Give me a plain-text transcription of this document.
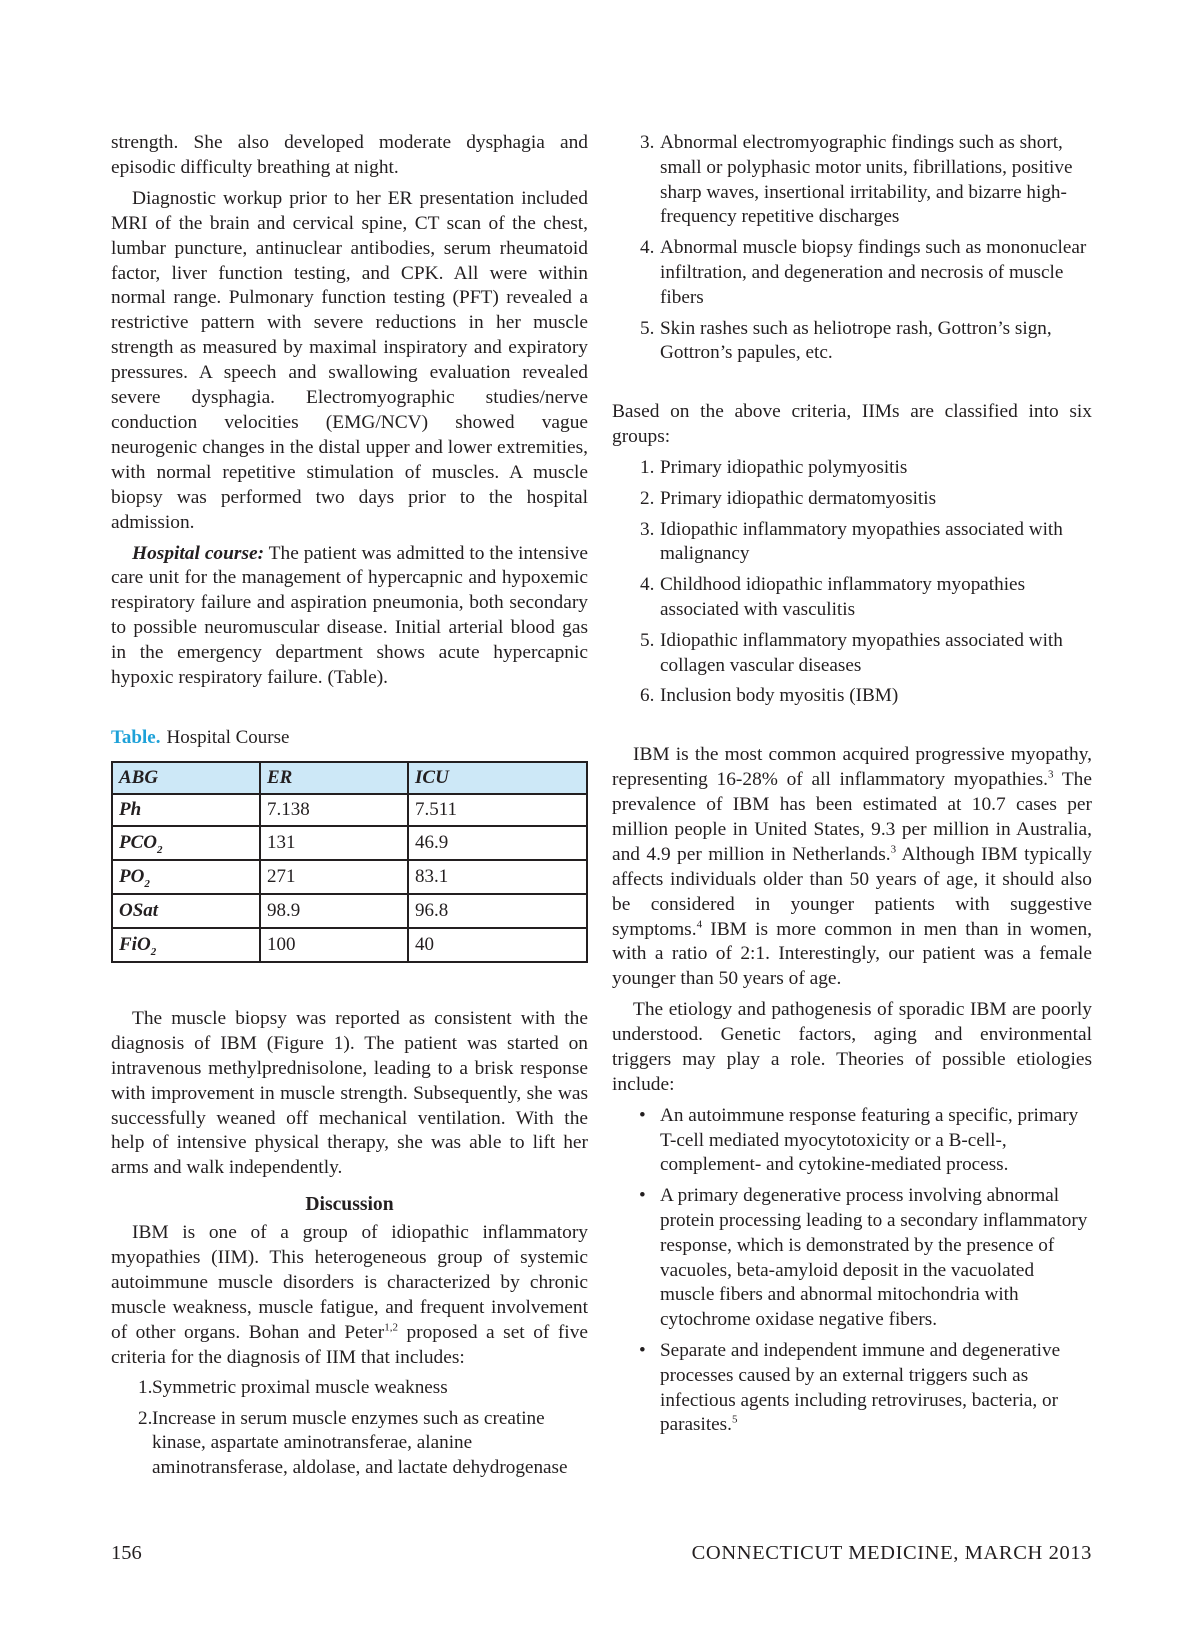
strength. She also developed moderate dysphagia and episodic difficulty breathing at night.

Diagnostic workup prior to her ER presentation included MRI of the brain and cervical spine, CT scan of the chest, lumbar puncture, antinuclear antibodies, serum rheumatoid factor, liver function testing, and CPK. All were within normal range. Pulmonary function testing (PFT) revealed a restrictive pattern with severe reductions in her muscle strength as measured by maximal inspiratory and expiratory pressures. A speech and swallowing evaluation revealed severe dysphagia. Electromyographic studies/nerve conduction velocities (EMG/NCV) showed vague neurogenic changes in the distal upper and lower extremities, with normal repetitive stimulation of muscles. A muscle biopsy was performed two days prior to the hospital admission.

Hospital course: The patient was admitted to the intensive care unit for the management of hypercapnic and hypoxemic respiratory failure and aspiration pneumonia, both secondary to possible neuromuscular disease. Initial arterial blood gas in the emergency department shows acute hypercapnic hypoxic respiratory failure. (Table).

Table. Hospital Course
ABG	ER	ICU
Ph	7.138	7.511
$PCO_2$	131	46.9
$PO_2$	271	83.1
OSat	98.9	96.8
FiO$_2$	100	40

The muscle biopsy was reported as consistent with the diagnosis of IBM (Figure 1). The patient was started on intravenous methylprednisolone, leading to a brisk response with improvement in muscle strength. Subsequently, she was successfully weaned off mechanical ventilation. With the help of intensive physical therapy, she was able to lift her arms and walk independently.

Discussion

IBM is one of a group of idiopathic inflammatory myopathies (IIM). This heterogeneous group of systemic autoimmune muscle disorders is characterized by chronic muscle weakness, muscle fatigue, and frequent involvement of other organs. Bohan and Peter$^{1,2}$ proposed a set of five criteria for the diagnosis of IIM that includes:

1. Symmetric proximal muscle weakness
2. Increase in serum muscle enzymes such as creatine kinase, aspartate aminotransferae, alanine aminotransferase, aldolase, and lactate dehydrogenase
3. Abnormal electromyographic findings such as short, small or polyphasic motor units, fibrillations, positive sharp waves, insertional irritability, and bizarre high-frequency repetitive discharges
4. Abnormal muscle biopsy findings such as mononuclear infiltration, and degeneration and necrosis of muscle fibers
5. Skin rashes such as heliotrope rash, Gottron’s sign, Gottron’s papules, etc.

Based on the above criteria, IIMs are classified into six groups:

1. Primary idiopathic polymyositis
2. Primary idiopathic dermatomyositis
3. Idiopathic inflammatory myopathies associated with malignancy
4. Childhood idiopathic inflammatory myopathies associated with vasculitis
5. Idiopathic inflammatory myopathies associated with collagen vascular diseases
6. Inclusion body myositis (IBM)

IBM is the most common acquired progressive myopathy, representing 16-28% of all inflammatory myopathies.$^3$ The prevalence of IBM has been estimated at 10.7 cases per million people in United States, 9.3 per million in Australia, and 4.9 per million in Netherlands.$^3$ Although IBM typically affects individuals older than 50 years of age, it should also be considered in younger patients with suggestive symptoms.$^4$ IBM is more common in men than in women, with a ratio of 2:1. Interestingly, our patient was a female younger than 50 years of age.

The etiology and pathogenesis of sporadic IBM are poorly understood. Genetic factors, aging and environmental triggers may play a role. Theories of possible etiologies include:

• An autoimmune response featuring a specific, primary T-cell mediated myocytotoxicity or a B-cell-, complement- and cytokine-mediated process.
• A primary degenerative process involving abnormal protein processing leading to a secondary inflammatory response, which is demonstrated by the presence of vacuoles, beta-amyloid deposit in the vacuolated muscle fibers and abnormal mitochondria with cytochrome oxidase negative fibers.
• Separate and independent immune and degenerative processes caused by an external triggers such as infectious agents including retroviruses, bacteria, or parasites.$^5$
156	CONNECTICUT MEDICINE, MARCH 2013
